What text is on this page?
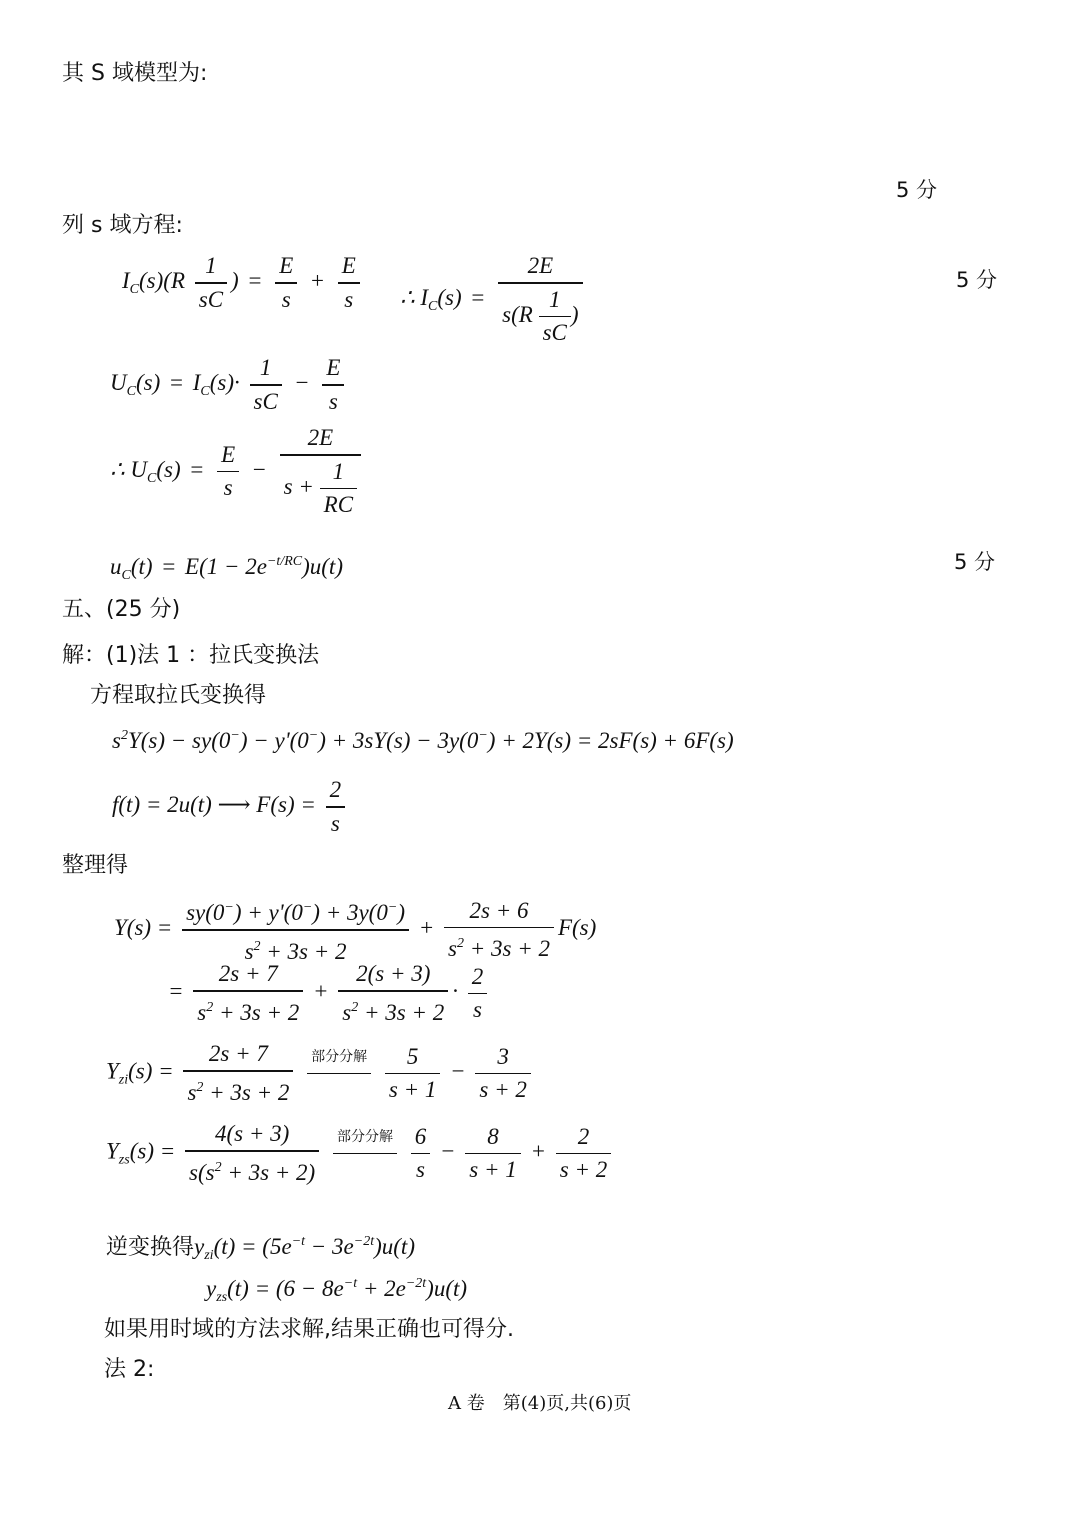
其 S 域模型为:
5 分
列 s 域方程:
$I_C(s)(R \frac{1}{sC}$ ) = $\frac{E}{s} + \frac{E}{s}$ ∴ $I_C(s) = \frac{2E}{s(R \frac{1}{sC} )}$	5 分
$U_C(s) = I_C(s)\cdot \frac{1}{sC} - \frac{E}{s}$
∴ $U_C(s) = \frac{E}{s} - \frac{2E}{s + \frac{1}{RC}}$
$u_C(t) = E(1 - 2e^{-t/RC})u(t)$	5 分
五、(25 分)
解：(1)法 1 ：拉氏变换法
方程取拉氏变换得
$s^2Y(s) - sy(0^-) - y'(0^-) + 3sY(s) - 3y(0^-) + 2Y(s) = 2sF(s) + 6F(s)$
f(t) = 2u(t) ⟶ $F(s) = \frac{2}{s}$
整理得
$Y(s) = \frac{sy(0^-) + y'(0^-) + 3y(0^-)}{s^2 + 3s + 2} + \frac{2s + 6}{s^2 + 3s + 2} F(s)$
= $\frac{2s + 7}{s^2 + 3s + 2} + \frac{2(s + 3)}{s^2 + 3s + 2} \cdot \frac{2}{s}$
$Y_{zi}(s) = \frac{2s + 7}{s^2 + 3s + 2}$
部分分解

$\frac{5}{s + 1} - \frac{3}{s + 2}$
$Y_{zs}(s) = \frac{4(s + 3)}{s(s^2 + 3s + 2)}$
部分分解

$\frac{6}{s} - \frac{8}{s + 1} + \frac{2}{s + 2}$
逆变换得$y_{zi}(t) = (5e^{-t} - 3e^{-2t})u(t)$
$y_{zs}(t) = (6 - 8e^{-t} + 2e^{-2t})u(t)$
如果用时域的方法求解,结果正确也可得分.
法 2:
A 卷　第(4)页,共(6)页
